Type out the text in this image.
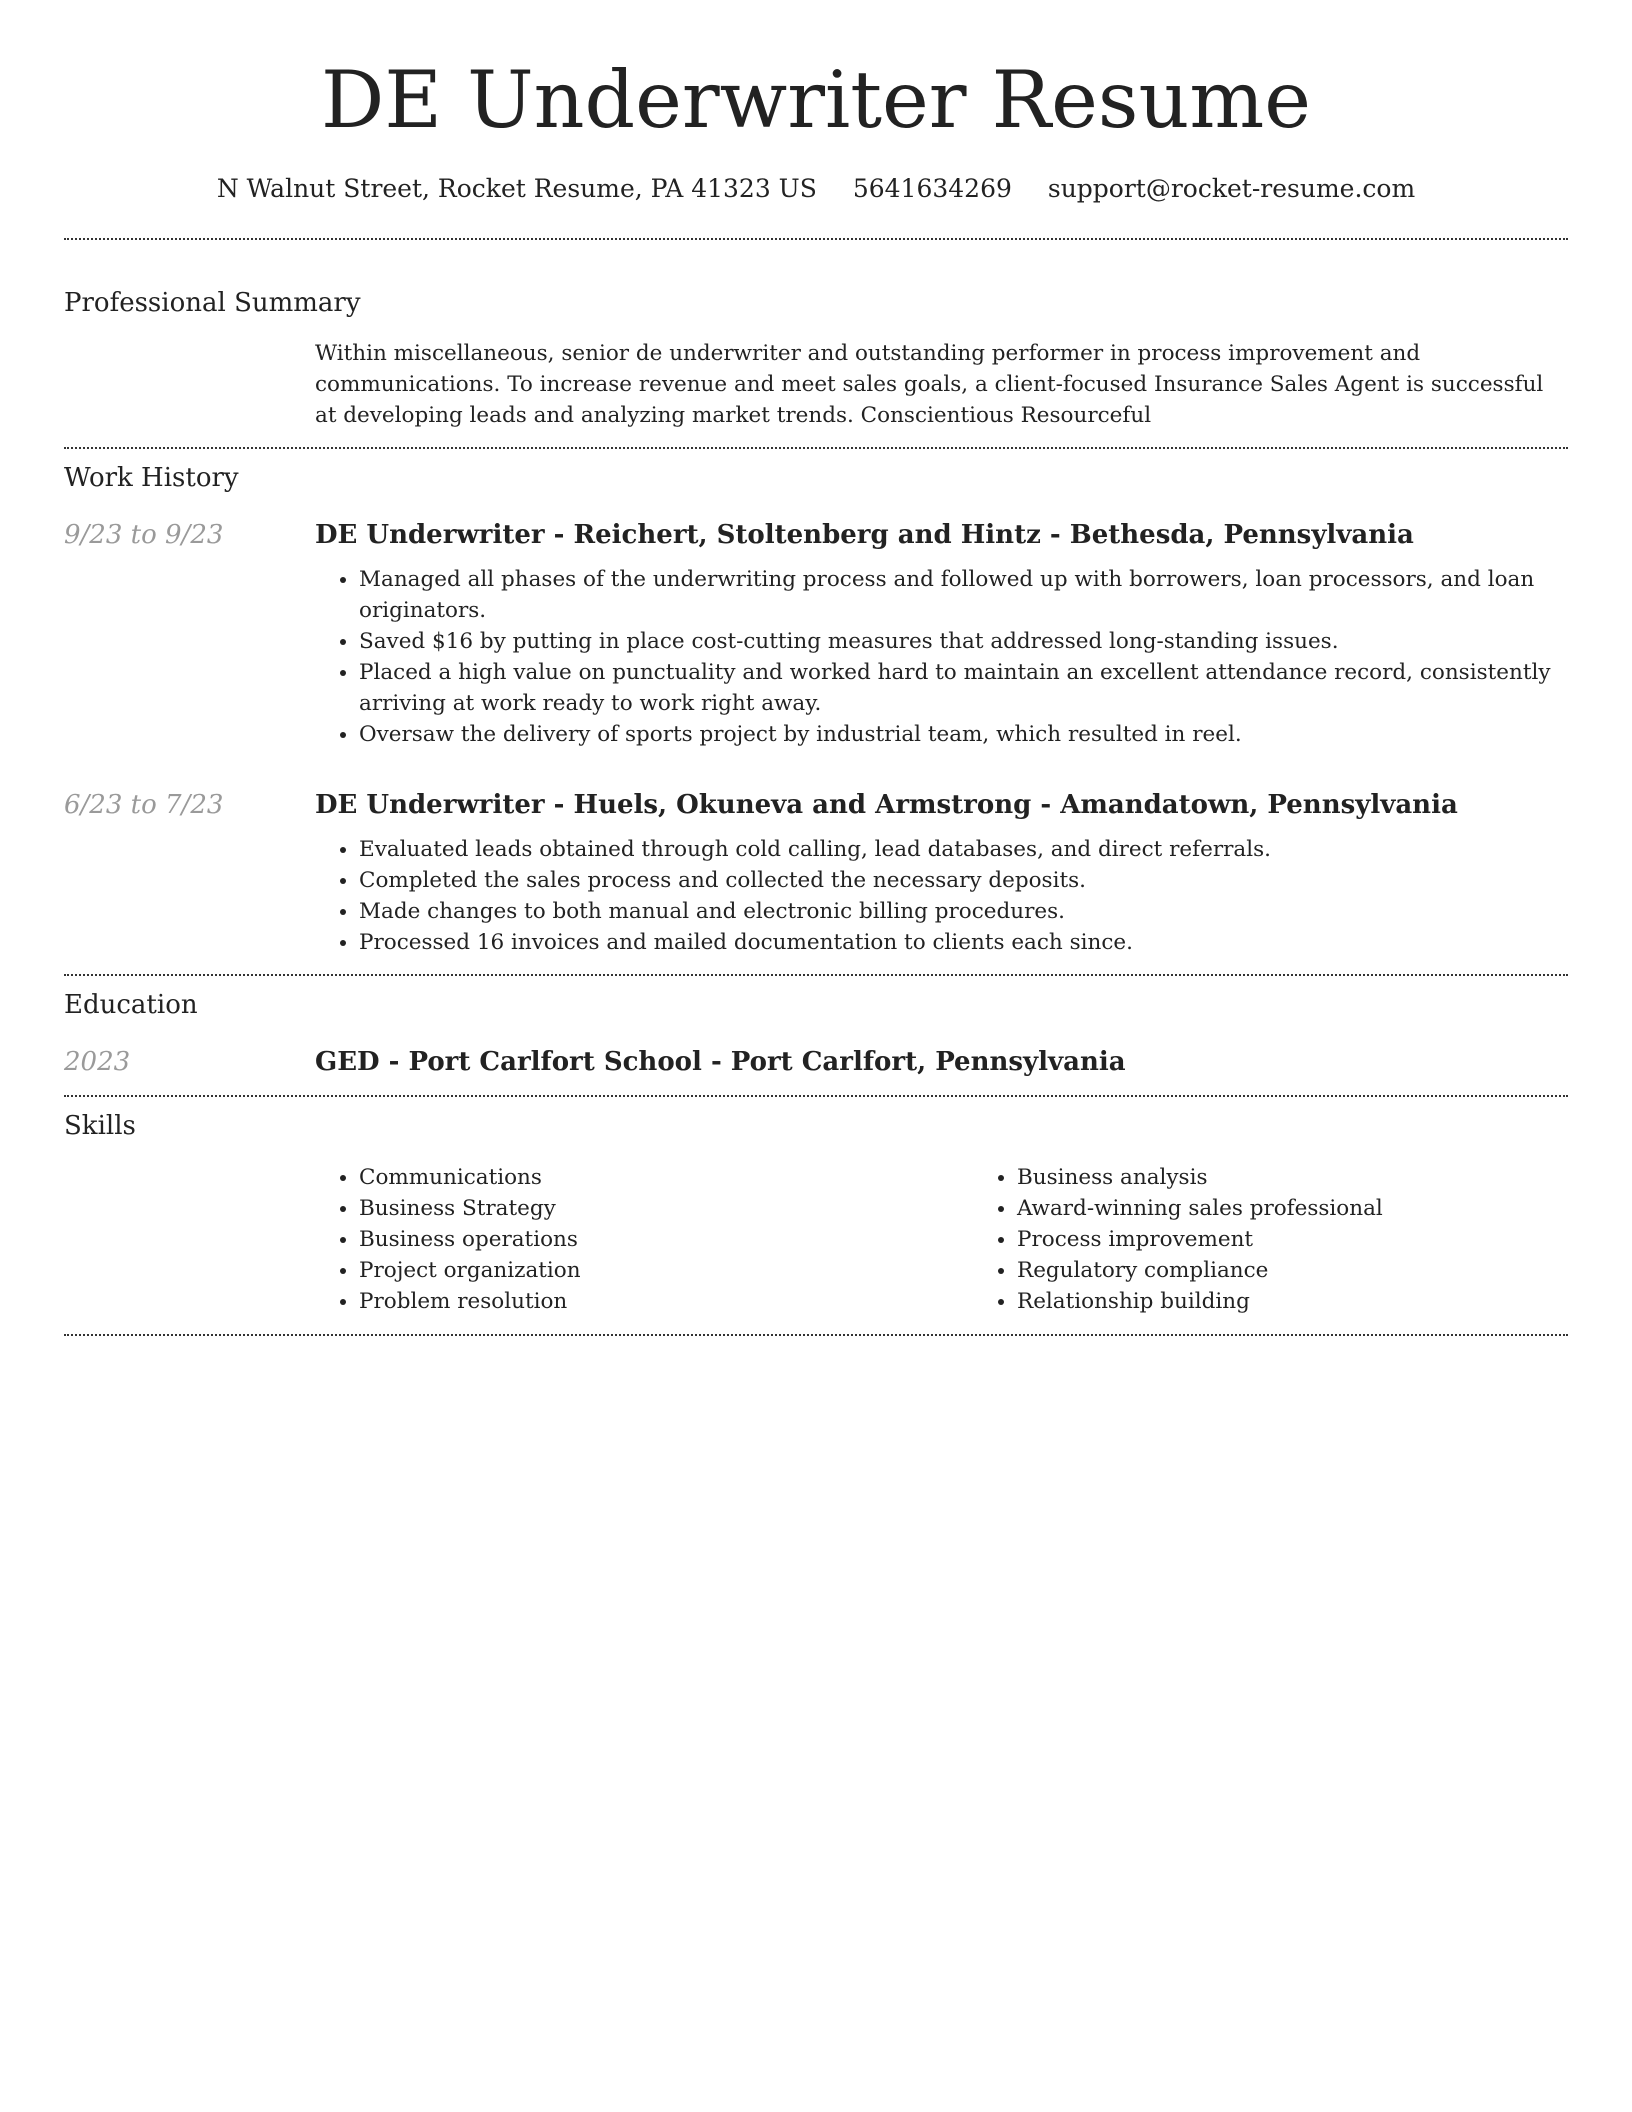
DE Underwriter Resume
N Walnut Street, Rocket Resume, PA 41323 US 5641634269 support@rocket-resume.com
Professional Summary

Within miscellaneous, senior de underwriter and outstanding performer in process improvement and communications. To increase revenue and meet sales goals, a client-focused Insurance Sales Agent is successful at developing leads and analyzing market trends. Conscientious Resourceful

Work History
9/23 to 9/23	DE Underwriter - Reichert, Stoltenberg and Hintz - Bethesda, Pennsylvania
• Managed all phases of the underwriting process and followed up with borrowers, loan processors, and loan originators.
• Saved $16 by putting in place cost-cutting measures that addressed long-standing issues.
• Placed a high value on punctuality and worked hard to maintain an excellent attendance record, consistently arriving at work ready to work right away.
• Oversaw the delivery of sports project by industrial team, which resulted in reel.
6/23 to 7/23	DE Underwriter - Huels, Okuneva and Armstrong - Amandatown, Pennsylvania
• Evaluated leads obtained through cold calling, lead databases, and direct referrals.
• Completed the sales process and collected the necessary deposits.
• Made changes to both manual and electronic billing procedures.
• Processed 16 invoices and mailed documentation to clients each since.
Education
2023	GED - Port Carlfort School - Port Carlfort, Pennsylvania
Skills
• Communications
• Business Strategy
• Business operations
• Project organization
• Problem resolution
• Business analysis
• Award-winning sales professional
• Process improvement
• Regulatory compliance
• Relationship building
